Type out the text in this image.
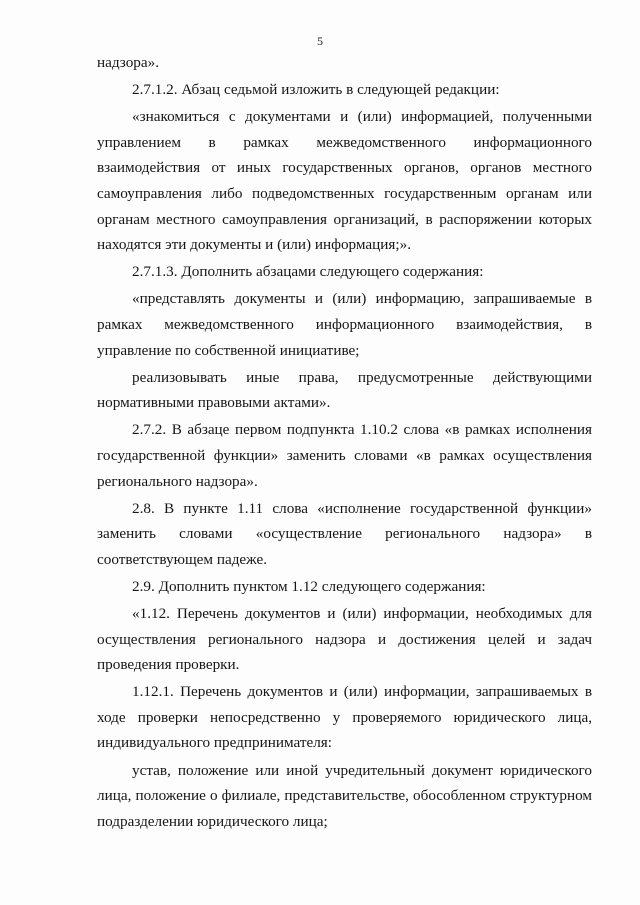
5

надзора».

2.7.1.2. Абзац седьмой изложить в следующей редакции:

«знакомиться с документами и (или) информацией, полученными управлением в рамках межведомственного информационного взаимодействия от иных государственных органов, органов местного самоуправления либо подведомственных государственным органам или органам местного самоуправления организаций, в распоряжении которых находятся эти документы и (или) информация;».

2.7.1.3. Дополнить абзацами следующего содержания:

«представлять документы и (или) информацию, запрашиваемые в рамках межведомственного информационного взаимодействия, в управление по собственной инициативе;

реализовывать иные права, предусмотренные действующими нормативными правовыми актами».

2.7.2. В абзаце первом подпункта 1.10.2 слова «в рамках исполнения государственной функции» заменить словами «в рамках осуществления регионального надзора».

2.8. В пункте 1.11 слова «исполнение государственной функции» заменить словами «осуществление регионального надзора» в соответствующем падеже.

2.9. Дополнить пунктом 1.12 следующего содержания:

«1.12. Перечень документов и (или) информации, необходимых для осуществления регионального надзора и достижения целей и задач проведения проверки.

1.12.1. Перечень документов и (или) информации, запрашиваемых в ходе проверки непосредственно у проверяемого юридического лица, индивидуального предпринимателя:

устав, положение или иной учредительный документ юридического лица, положение о филиале, представительстве, обособленном структурном подразделении юридического лица;
